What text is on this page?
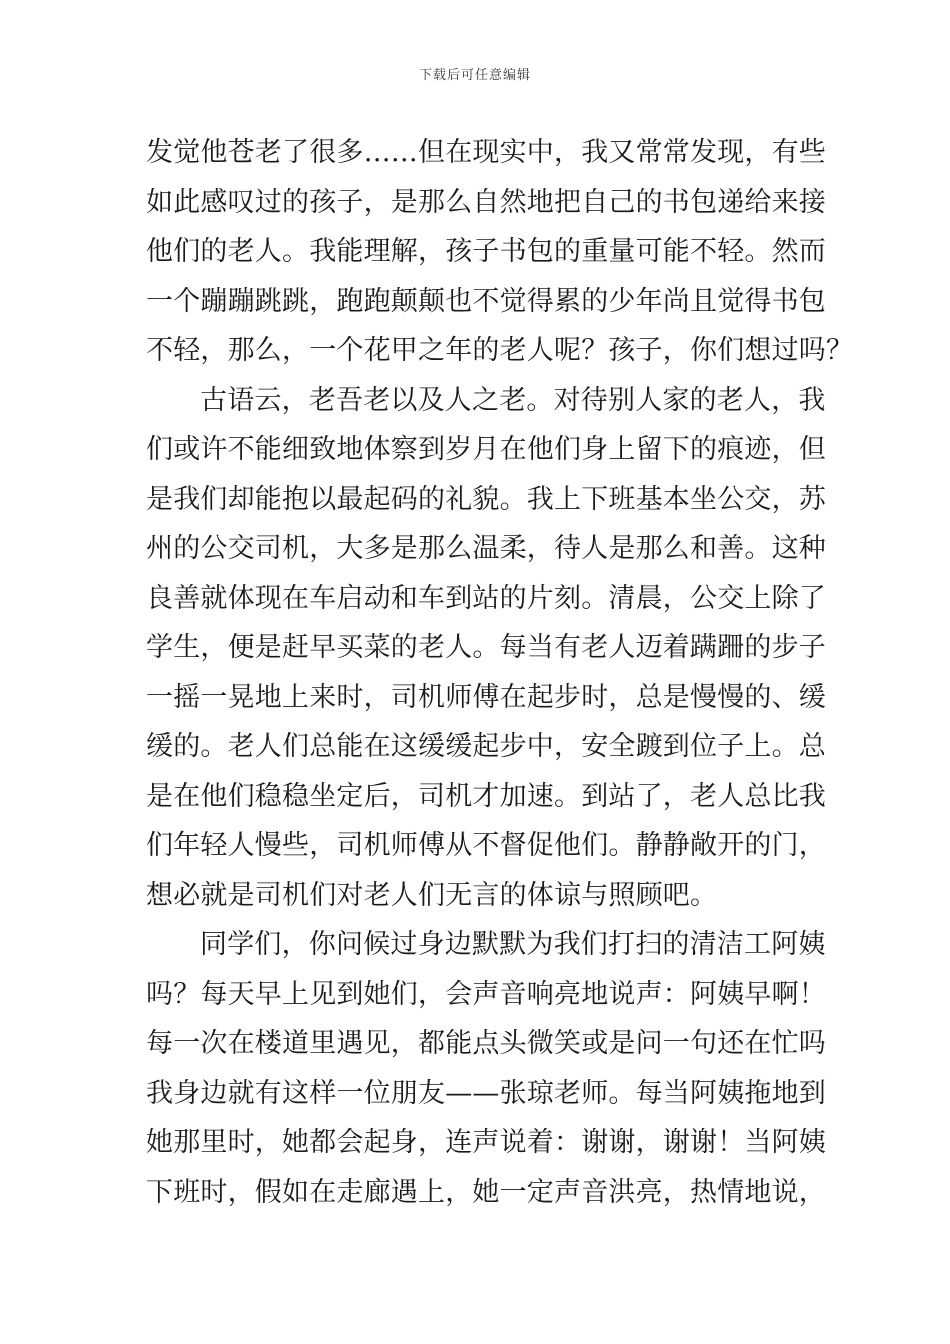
下载后可任意编辑
发觉他苍老了很多……但在现实中，我又常常发现，有些
如此感叹过的孩子，是那么自然地把自己的书包递给来接
他们的老人。我能理解，孩子书包的重量可能不轻。然而
一个蹦蹦跳跳，跑跑颠颠也不觉得累的少年尚且觉得书包
不轻，那么，一个花甲之年的老人呢？孩子，你们想过吗？
古语云，老吾老以及人之老。对待别人家的老人，我
们或许不能细致地体察到岁月在他们身上留下的痕迹，但
是我们却能抱以最起码的礼貌。我上下班基本坐公交，苏
州的公交司机，大多是那么温柔，待人是那么和善。这种
良善就体现在车启动和车到站的片刻。清晨，公交上除了
学生，便是赶早买菜的老人。每当有老人迈着蹒跚的步子
一摇一晃地上来时，司机师傅在起步时，总是慢慢的、缓
缓的。老人们总能在这缓缓起步中，安全踱到位子上。总
是在他们稳稳坐定后，司机才加速。到站了，老人总比我
们年轻人慢些，司机师傅从不督促他们。静静敞开的门，
想必就是司机们对老人们无言的体谅与照顾吧。
同学们，你问候过身边默默为我们打扫的清洁工阿姨
吗？每天早上见到她们，会声音响亮地说声：阿姨早啊！
每一次在楼道里遇见，都能点头微笑或是问一句还在忙吗
我身边就有这样一位朋友——张琼老师。每当阿姨拖地到
她那里时，她都会起身，连声说着：谢谢，谢谢！当阿姨
下班时，假如在走廊遇上，她一定声音洪亮，热情地说，
